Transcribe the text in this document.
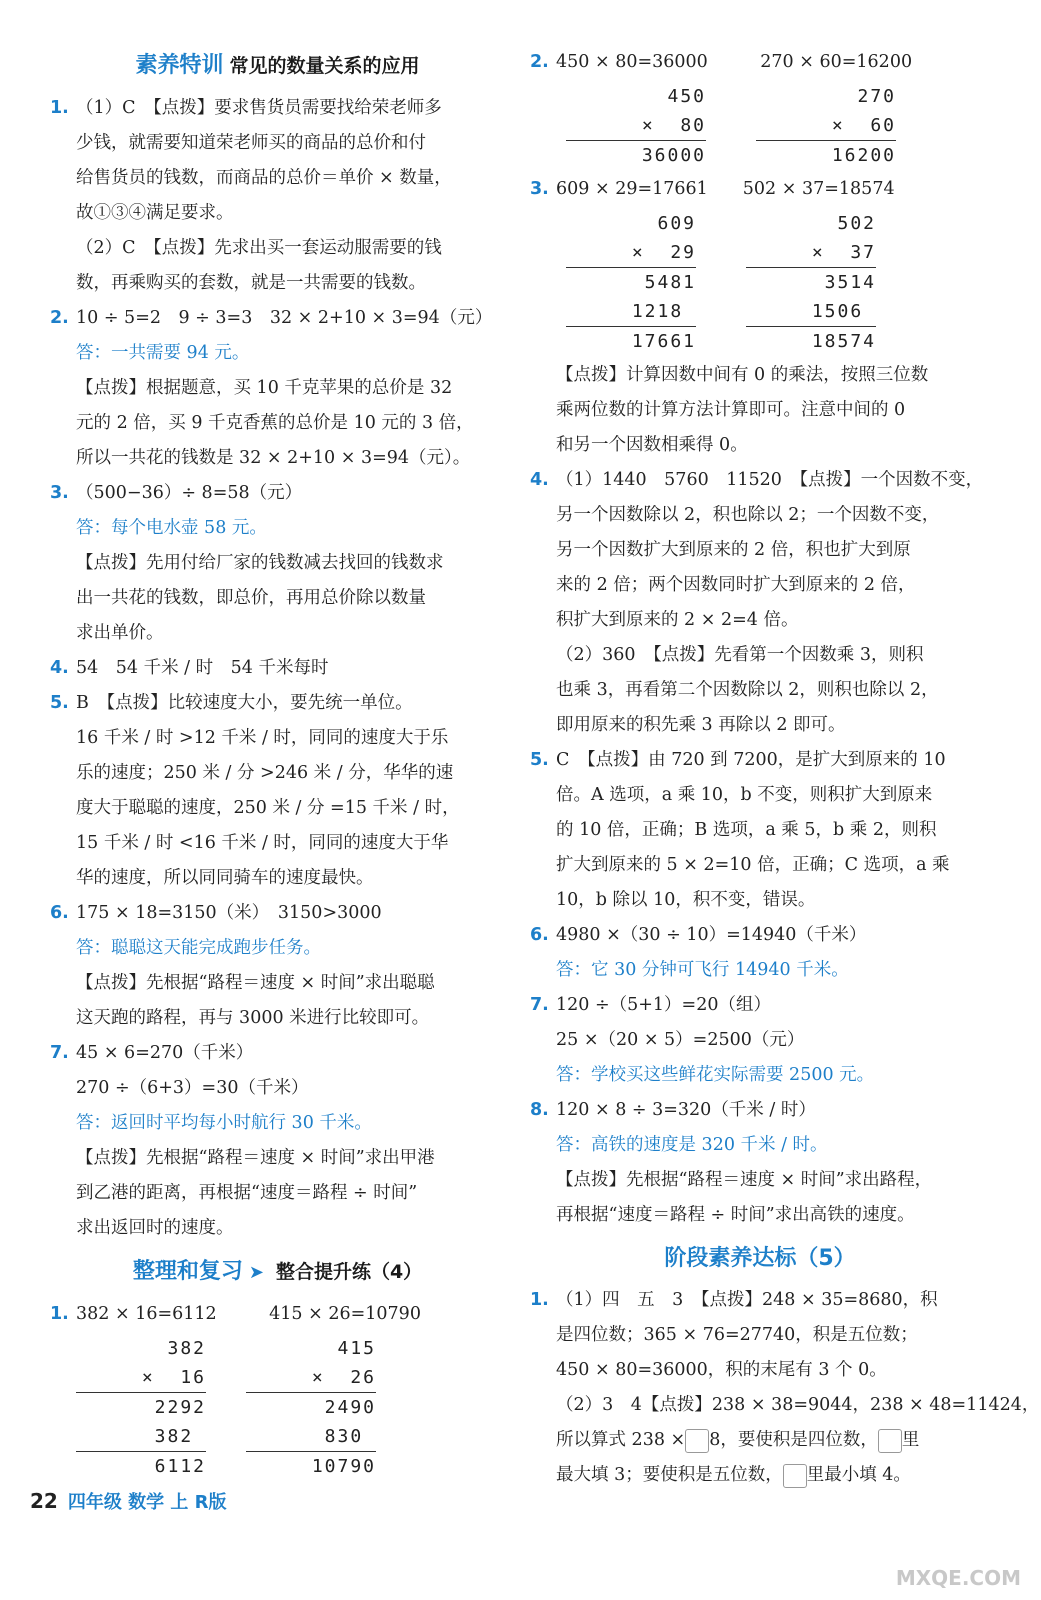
素养特训 常见的数量关系的应用

1. （1）C　【点拨】要求售货员需要找给荣老师多

少钱，就需要知道荣老师买的商品的总价和付

给售货员的钱数，而商品的总价＝单价 × 数量，

故①③④满足要求。

（2）C　【点拨】先求出买一套运动服需要的钱

数，再乘购买的套数，就是一共需要的钱数。

2. 10 ÷ 5=2　9 ÷ 3=3　32 × 2+10 × 3=94（元）

答：一共需要 94 元。

【点拨】根据题意，买 10 千克苹果的总价是 32

元的 2 倍，买 9 千克香蕉的总价是 10 元的 3 倍，

所以一共花的钱数是 32 × 2+10 × 3=94（元）。

3. （500−36）÷ 8=58（元）

答：每个电水壶 58 元。

【点拨】先用付给厂家的钱数减去找回的钱数求

出一共花的钱数，即总价，再用总价除以数量

求出单价。

4. 54　54 千米 / 时　54 千米每时

5. B　【点拨】比较速度大小，要先统一单位。

16 千米 / 时 >12 千米 / 时，同同的速度大于乐

乐的速度；250 米 / 分 >246 米 / 分，华华的速

度大于聪聪的速度，250 米 / 分 =15 千米 / 时，

15 千米 / 时 <16 千米 / 时，同同的速度大于华

华的速度，所以同同骑车的速度最快。

6. 175 × 18=3150（米）　3150>3000

答：聪聪这天能完成跑步任务。

【点拨】先根据“路程＝速度 × 时间”求出聪聪

这天跑的路程，再与 3000 米进行比较即可。

7. 45 × 6=270（千米）

270 ÷（6+3）=30（千米）

答：返回时平均每小时航行 30 千米。

【点拨】先根据“路程＝速度 × 时间”求出甲港

到乙港的距离，再根据“速度＝路程 ÷ 时间”

求出返回时的速度。

整理和复习 ➤ 整合提升练（4）

1. 382 × 16=6112　　　415 × 26=10790

382
×  16
2292
382
6112
415
×  26
2490
830
10790

2. 450 × 80=36000　　　270 × 60=16200

450
×  80
36000
270
×  60
16200

3. 609 × 29=17661　　502 × 37=18574

609
×  29
5481
1218
17661
502
×  37
3514
1506
18574

【点拨】计算因数中间有 0 的乘法，按照三位数

乘两位数的计算方法计算即可。注意中间的 0

和另一个因数相乘得 0。

4. （1）1440　5760　11520　【点拨】一个因数不变，

另一个因数除以 2，积也除以 2；一个因数不变，

另一个因数扩大到原来的 2 倍，积也扩大到原

来的 2 倍；两个因数同时扩大到原来的 2 倍，

积扩大到原来的 2 × 2=4 倍。

（2）360　【点拨】先看第一个因数乘 3，则积

也乘 3，再看第二个因数除以 2，则积也除以 2，

即用原来的积先乘 3 再除以 2 即可。

5. C　【点拨】由 720 到 7200，是扩大到原来的 10

倍。A 选项，a 乘 10，b 不变，则积扩大到原来

的 10 倍，正确；B 选项，a 乘 5，b 乘 2，则积

扩大到原来的 5 × 2=10 倍，正确；C 选项，a 乘

10，b 除以 10，积不变，错误。

6. 4980 ×（30 ÷ 10）=14940（千米）

答：它 30 分钟可飞行 14940 千米。

7. 120 ÷（5+1）=20（组）

25 ×（20 × 5）=2500（元）

答：学校买这些鲜花实际需要 2500 元。

8. 120 × 8 ÷ 3=320（千米 / 时）

答：高铁的速度是 320 千米 / 时。

【点拨】先根据“路程＝速度 × 时间”求出路程，

再根据“速度＝路程 ÷ 时间”求出高铁的速度。

阶段素养达标（5）

1. （1）四　五　3　【点拨】248 × 35=8680，积

是四位数；365 × 76=27740，积是五位数；

450 × 80=36000，积的末尾有 3 个 0。

（2）3　4【点拨】238 × 38=9044，238 × 48=11424，

所以算式 238 × 8，要使积是四位数， 里

最大填 3；要使积是五位数， 里最小填 4。

22 四年级 数学 上 R版
MXQE.COM
